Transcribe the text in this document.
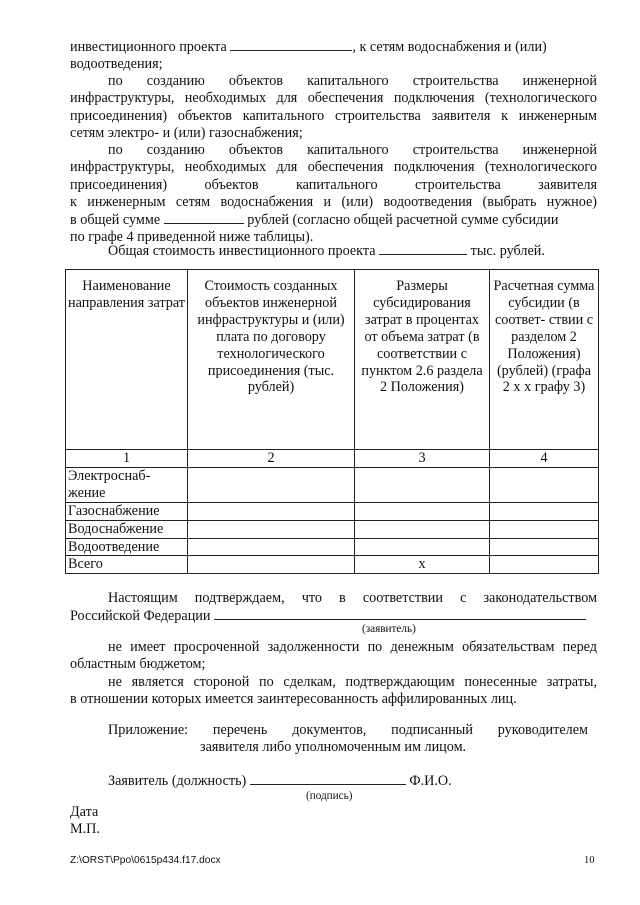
инвестиционного проекта	, к сетям водоснабжения и (или)
водоотведения;

по созданию объектов капитального строительства инженерной
инфраструктуры, необходимых для обеспечения подключения (технологического
присоединения) объектов капитального строительства заявителя к инженерным
сетям электро- и (или) газоснабжения;
по созданию объектов капитального строительства инженерной
инфраструктуры, необходимых для обеспечения подключения (технологического
присоединения) объектов капитального строительства заявителя
к инженерным сетям водоснабжения и (или) водоотведения (выбрать нужное)
в общей сумме	рублей (согласно общей расчетной сумме субсидии
по графе 4 приведенной ниже таблицы).

Общая стоимость инвестиционного проекта	тыс. рублей.

Наименование направления затрат	Стоимость созданных объектов инженерной инфраструктуры и (или) плата по договору технологического присоединения (тыс. рублей)	Размеры субсидирования затрат в процентах от объема затрат (в соответствии с пунктом 2.6 раздела 2 Положения)	Расчетная сумма субсидии (в соответ- ствии с разделом 2 Положения) (рублей) (графа 2 х х графу 3)
1	2	3	4
Электроснаб- жение			
Газоснабжение			
Водоснабжение			
Водоотведение			
Всего		х	
Настоящим подтверждаем, что в соответствии с законодательством
Российской Федерации
(заявитель)
не имеет просроченной задолженности по денежным обязательствам перед
областным бюджетом;
не является стороной по сделкам, подтверждающим понесенные затраты,
в отношении которых имеется заинтересованность аффилированных лиц.
Приложение: перечень документов, подписанный руководителем
заявителя либо уполномоченным им лицом.
Заявитель (должность)	Ф.И.О.
(подпись)
Дата
М.П.
Z:\ORST\Ppo\0615p434.f17.docx	10
